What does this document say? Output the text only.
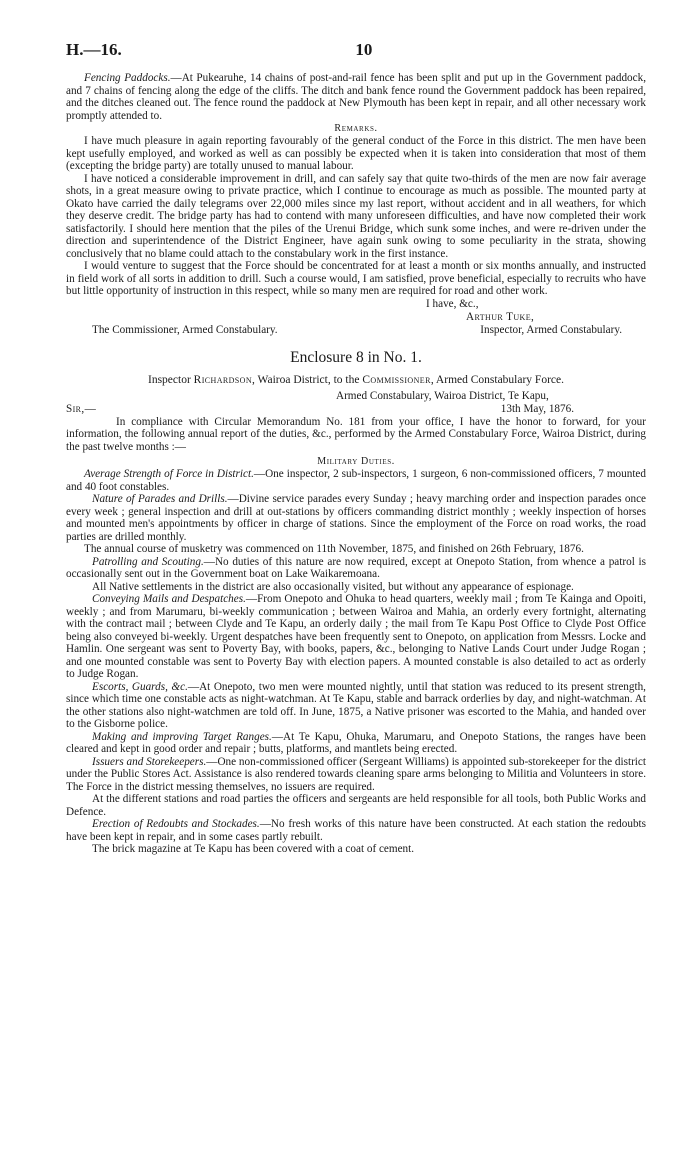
H.—16.	10

Fencing Paddocks.—At Pukearuhe, 14 chains of post-and-rail fence has been split and put up in the Government paddock, and 7 chains of fencing along the edge of the cliffs. The ditch and bank fence round the Government paddock has been repaired, and the ditches cleaned out. The fence round the paddock at New Plymouth has been kept in repair, and all other necessary work promptly attended to.

Remarks.

I have much pleasure in again reporting favourably of the general conduct of the Force in this district. The men have been kept usefully employed, and worked as well as can possibly be expected when it is taken into consideration that most of them (excepting the bridge party) are totally unused to manual labour.

I have noticed a considerable improvement in drill, and can safely say that quite two-thirds of the men are now fair average shots, in a great measure owing to private practice, which I continue to encourage as much as possible. The mounted party at Okato have carried the daily telegrams over 22,000 miles since my last report, without accident and in all weathers, for which they deserve credit. The bridge party has had to contend with many unforeseen difficulties, and have now completed their work satisfactorily. I should here mention that the piles of the Urenui Bridge, which sunk some inches, and were re-driven under the direction and superintendence of the District Engineer, have again sunk owing to some peculiarity in the strata, showing conclusively that no blame could attach to the constabulary work in the first instance.

I would venture to suggest that the Force should be concentrated for at least a month or six months annually, and instructed in field work of all sorts in addition to drill. Such a course would, I am satisfied, prove beneficial, especially to recruits who have but little opportunity of instruction in this respect, while so many men are required for road and other work.

I have, &c.,
Arthur Tuke,
The Commissioner, Armed Constabulary.	Inspector, Armed Constabulary.
Enclosure 8 in No. 1.
Inspector Richardson, Wairoa District, to the Commissioner, Armed Constabulary Force.
Armed Constabulary, Wairoa District, Te Kapu,
Sir,—	13th May, 1876.

In compliance with Circular Memorandum No. 181 from your office, I have the honor to forward, for your information, the following annual report of the duties, &c., performed by the Armed Constabulary Force, Wairoa District, during the past twelve months :—

Military Duties.

Average Strength of Force in District.—One inspector, 2 sub-inspectors, 1 surgeon, 6 non-commissioned officers, 7 mounted and 40 foot constables.

Nature of Parades and Drills.—Divine service parades every Sunday ; heavy marching order and inspection parades once every week ; general inspection and drill at out-stations by officers commanding district monthly ; weekly inspection of horses and mounted men's appointments by officer in charge of stations. Since the employment of the Force on road works, the road parties are drilled monthly.

The annual course of musketry was commenced on 11th November, 1875, and finished on 26th February, 1876.

Patrolling and Scouting.—No duties of this nature are now required, except at Onepoto Station, from whence a patrol is occasionally sent out in the Government boat on Lake Waikaremoana.

All Native settlements in the district are also occasionally visited, but without any appearance of espionage.

Conveying Mails and Despatches.—From Onepoto and Ohuka to head quarters, weekly mail ; from Te Kainga and Opoiti, weekly ; and from Marumaru, bi-weekly communication ; between Wairoa and Mahia, an orderly every fortnight, alternating with the contract mail ; between Clyde and Te Kapu, an orderly daily ; the mail from Te Kapu Post Office to Clyde Post Office being also conveyed bi-weekly. Urgent despatches have been frequently sent to Onepoto, on application from Messrs. Locke and Hamlin. One sergeant was sent to Poverty Bay, with books, papers, &c., belonging to Native Lands Court under Judge Rogan ; and one mounted constable was sent to Poverty Bay with election papers. A mounted constable is also detailed to act as orderly to Judge Rogan.

Escorts, Guards, &c.—At Onepoto, two men were mounted nightly, until that station was reduced to its present strength, since which time one constable acts as night-watchman. At Te Kapu, stable and barrack orderlies by day, and night-watchman. At the other stations also night-watchmen are told off. In June, 1875, a Native prisoner was escorted to the Mahia, and handed over to the Gisborne police.

Making and improving Target Ranges.—At Te Kapu, Ohuka, Marumaru, and Onepoto Stations, the ranges have been cleared and kept in good order and repair ; butts, platforms, and mantlets being erected.

Issuers and Storekeepers.—One non-commissioned officer (Sergeant Williams) is appointed sub-storekeeper for the district under the Public Stores Act. Assistance is also rendered towards cleaning spare arms belonging to Militia and Volunteers in store. The Force in the district messing themselves, no issuers are required.

At the different stations and road parties the officers and sergeants are held responsible for all tools, both Public Works and Defence.

Erection of Redoubts and Stockades.—No fresh works of this nature have been constructed. At each station the redoubts have been kept in repair, and in some cases partly rebuilt.

The brick magazine at Te Kapu has been covered with a coat of cement.
